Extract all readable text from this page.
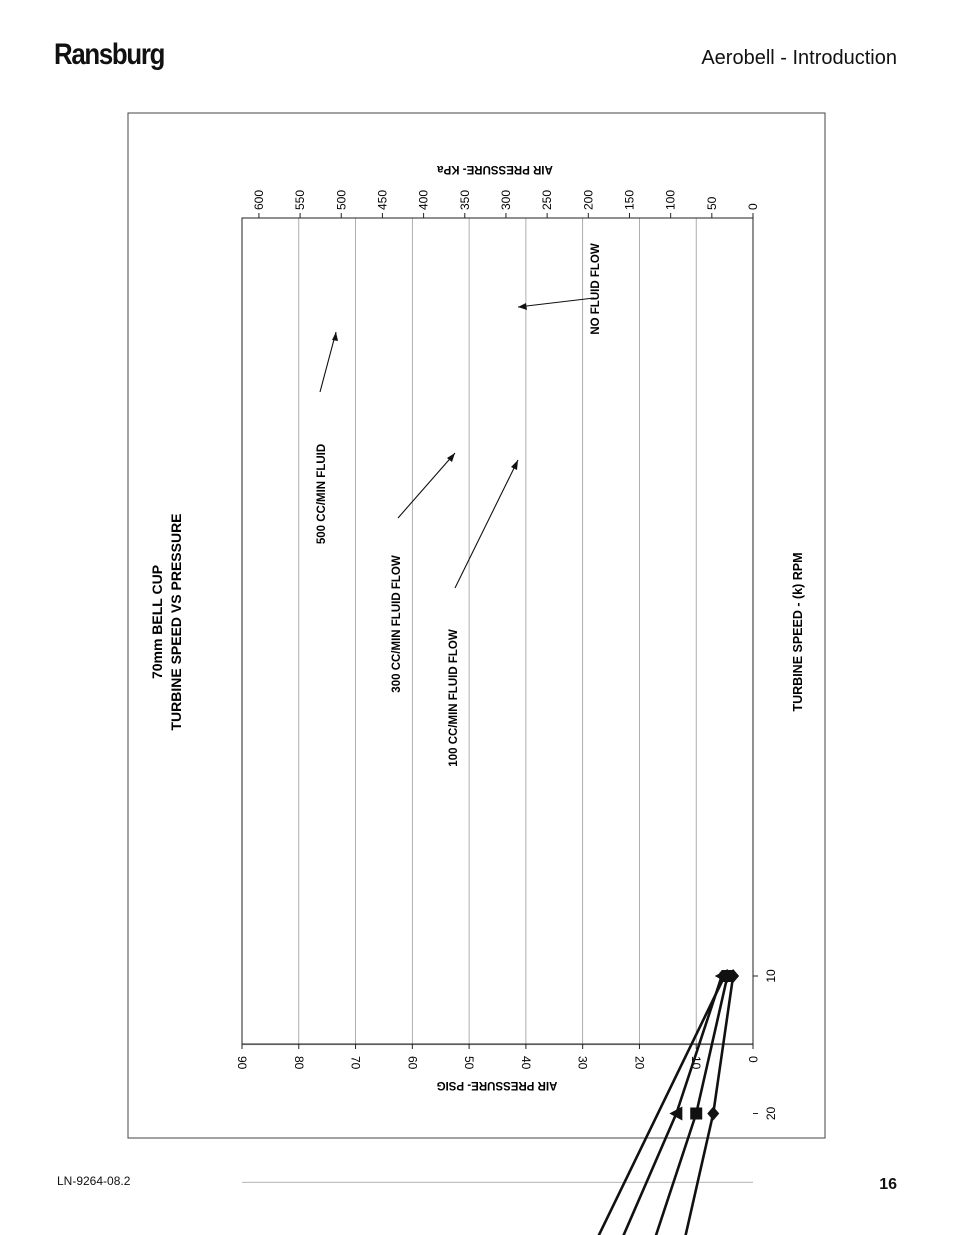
Ransburg	Aerobell - Introduction
0
10
20
30
40
50
60
70
80
90
0
50
100
150
200
250
300
350
400
450
500
550
600
10
20
70mm BELL CUP TURBINE SPEED VS PRESSURE	TURBINE SPEED - (k) RPM
AIR PRESSURE- PSIG
AIR PRESSURE- KPa
NO FLUID FLOW
100 CC/MIN FLUID FLOW
300 CC/MIN FLUID FLOW
500 CC/MIN FLUID
LN-9264-08.2	16
